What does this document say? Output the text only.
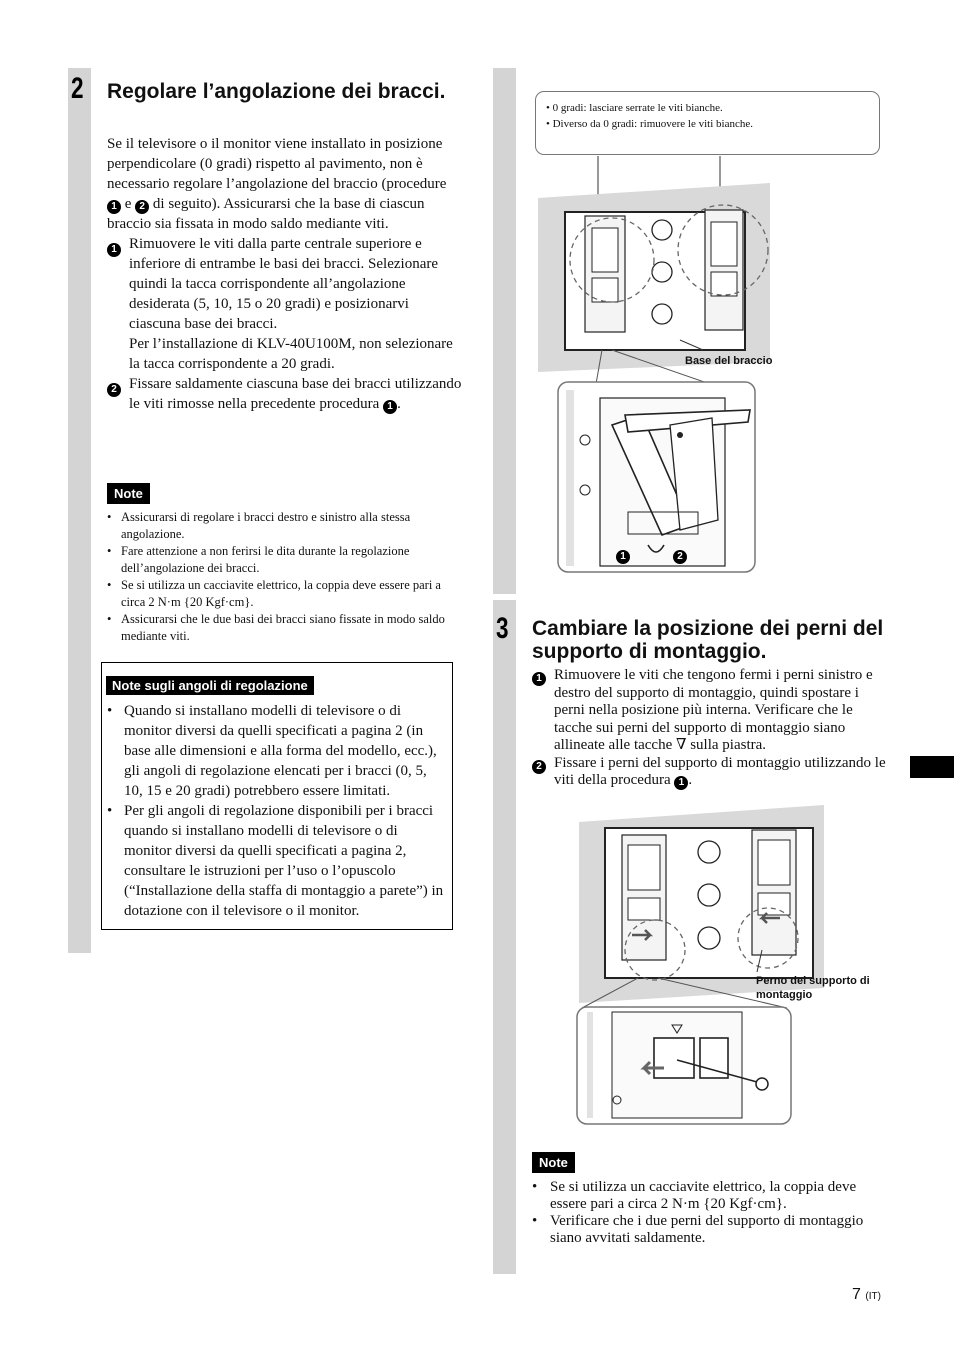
2 Regolare l’angolazione dei bracci.

Se il televisore o il monitor viene installato in posizione perpendicolare (0 gradi) rispetto al pavimento, non è necessario regolare l’angolazione del braccio (procedure 1 e 2 di seguito). Assicurarsi che la base di ciascun braccio sia fissata in modo saldo mediante viti.

1 Rimuovere le viti dalla parte centrale superiore e inferiore di entrambe le basi dei bracci. Selezionare quindi la tacca corrispondente all’angolazione desiderata (5, 10, 15 o 20 gradi) e posizionarvi ciascuna base dei bracci.

Per l’installazione di KLV-40U100M, non selezionare la tacca corrispondente a 20 gradi.

2 Fissare saldamente ciascuna base dei bracci utilizzando le viti rimosse nella precedente procedura 1 .

Note
• Assicurarsi di regolare i bracci destro e sinistro alla stessa angolazione.
• Fare attenzione a non ferirsi le dita durante la regolazione dell’angolazione dei bracci.
• Se si utilizza un cacciavite elettrico, la coppia deve essere pari a circa 2 N·m {20 Kgf·cm}.
• Assicurarsi che le due basi dei bracci siano fissate in modo saldo mediante viti.
Note sugli angoli di regolazione
• Quando si installano modelli di televisore o di monitor diversi da quelli specificati a pagina 2 (in base alle dimensioni e alla forma del modello, ecc.), gli angoli di regolazione elencati per i bracci (0, 5, 10, 15 e 20 gradi) potrebbero essere limitati.
• Per gli angoli di regolazione disponibili per i bracci quando si installano modelli di televisore o di monitor diversi da quelli specificati a pagina 2, consultare le istruzioni per l’uso o l’opuscolo (“Installazione della staffa di montaggio a parete”) in dotazione con il televisore o il monitor.
• 0 gradi: lasciare serrate le viti bianche.
• Diverso da 0 gradi: rimuovere le viti bianche.
Base del braccio
1	2
3 Cambiare la posizione dei perni del supporto di montaggio.
1 Rimuovere le viti che tengono fermi i perni sinistro e destro del supporto di montaggio, quindi spostare i perni nella posizione più interna. Verificare che le tacche sui perni del supporto di montaggio siano allineate alle tacche ∇ sulla piastra.

2 Fissare i perni del supporto di montaggio utilizzando le viti della procedura 1 .

Perno del supporto di montaggio
Note
• Se si utilizza un cacciavite elettrico, la coppia deve essere pari a circa 2 N·m {20 Kgf·cm}.
• Verificare che i due perni del supporto di montaggio siano avvitati saldamente.
7 (IT)
